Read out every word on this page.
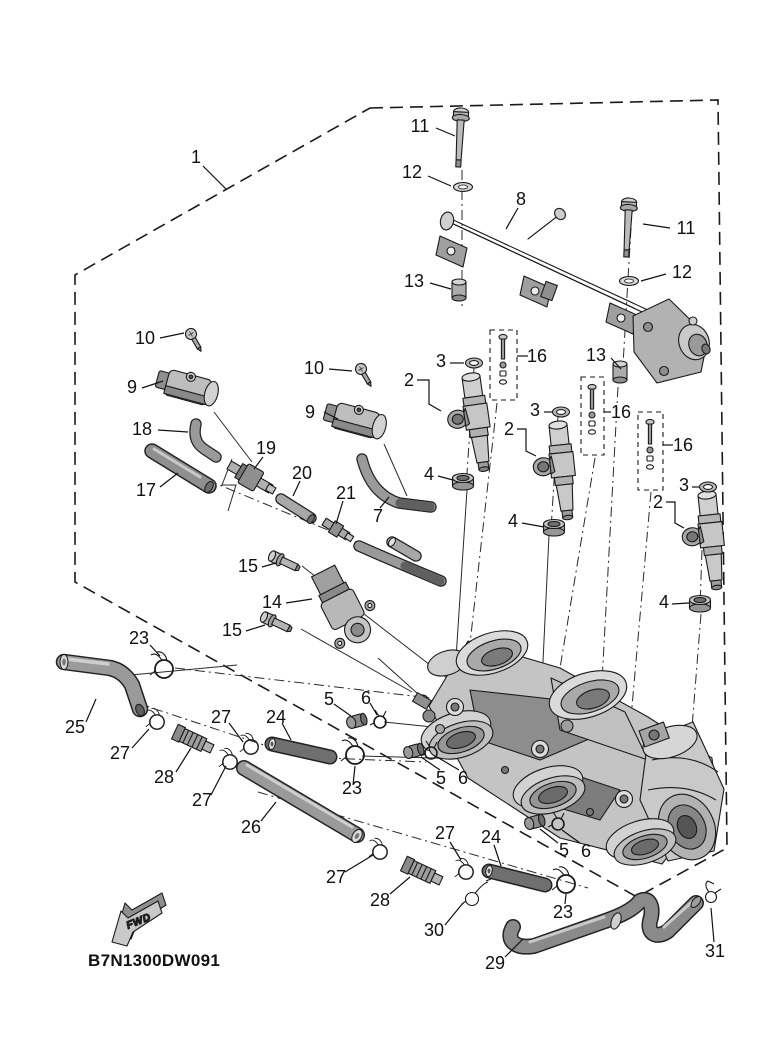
FWD
B7N1300DW091
1
11
12
8
11
12
13
13
10
9
18
17
19
20
21
7
10
9
2
3	16
2
3
4
4
16
2
3
16
4
15
14
15
5 6
23
25
27
28
27 24
27
26
23	5 6
5 6
27
28
27 24
30
23
29
31
